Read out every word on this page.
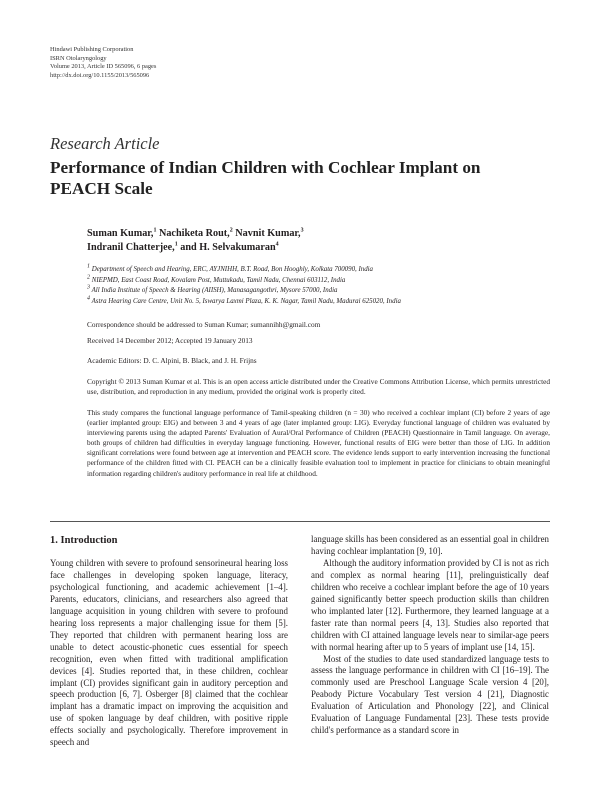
Hindawi Publishing Corporation
ISRN Otolaryngology
Volume 2013, Article ID 565096, 6 pages
http://dx.doi.org/10.1155/2013/565096
Research Article
Performance of Indian Children with Cochlear Implant on
PEACH Scale
Suman Kumar,$^1$ Nachiketa Rout,$^2$ Navnit Kumar,$^3$
Indranil Chatterjee,$^1$ and H. Selvakumaran$^4$
$^1$ Department of Speech and Hearing, ERC, AYJNIHH, B.T. Road, Bon Hooghly, Kolkata 700090, India
$^2$ NIEPMD, East Coast Road, Kovalam Post, Muttukadu, Tamil Nadu, Chennai 603112, India
$^3$ All India Institute of Speech & Hearing (AIISH), Manasagangothri, Mysore 57000, India
$^4$ Astra Hearing Care Centre, Unit No. 5, Iswarya Laxmi Plaza, K. K. Nagar, Tamil Nadu, Madurai 625020, India
Correspondence should be addressed to Suman Kumar; sumannihh@gmail.com
Received 14 December 2012; Accepted 19 January 2013
Academic Editors: D. C. Alpini, B. Black, and J. H. Frijns
Copyright © 2013 Suman Kumar et al. This is an open access article distributed under the Creative Commons Attribution License, which permits unrestricted use, distribution, and reproduction in any medium, provided the original work is properly cited.
This study compares the functional language performance of Tamil-speaking children (n = 30) who received a cochlear implant (CI) before 2 years of age (earlier implanted group: EIG) and between 3 and 4 years of age (later implanted group: LIG). Everyday functional language of children was evaluated by interviewing parents using the adapted Parents' Evaluation of Aural/Oral Performance of Children (PEACH) Questionnaire in Tamil language. On average, both groups of children had difficulties in everyday language functioning. However, functional results of EIG were better than those of LIG. In addition significant correlations were found between age at intervention and PEACH score. The evidence lends support to early intervention increasing the functional performance of the children fitted with CI. PEACH can be a clinically feasible evaluation tool to implement in practice for clinicians to obtain meaningful information regarding children's auditory performance in real life at childhood.
1. Introduction

Young children with severe to profound sensorineural hearing loss face challenges in developing spoken language, literacy, psychological functioning, and academic achievement [1–4]. Parents, educators, clinicians, and researchers also agreed that language acquisition in young children with severe to profound hearing loss represents a major challenging issue for them [5]. They reported that children with permanent hearing loss are unable to detect acoustic-phonetic cues essential for speech recognition, even when fitted with traditional amplification devices [4]. Studies reported that, in these children, cochlear implant (CI) provides significant gain in auditory perception and speech production [6, 7]. Osberger [8] claimed that the cochlear implant has a dramatic impact on improving the acquisition and use of spoken language by deaf children, with positive ripple effects socially and psychologically. Therefore improvement in speech and

language skills has been considered as an essential goal in children having cochlear implantation [9, 10].

Although the auditory information provided by CI is not as rich and complex as normal hearing [11], prelinguistically deaf children who receive a cochlear implant before the age of 10 years gained significantly better speech production skills than children who implanted later [12]. Furthermore, they learned language at a faster rate than normal peers [4, 13]. Studies also reported that children with CI attained language levels near to similar-age peers with normal hearing after up to 5 years of implant use [14, 15].

Most of the studies to date used standardized language tests to assess the language performance in children with CI [16–19]. The commonly used are Preschool Language Scale version 4 [20], Peabody Picture Vocabulary Test version 4 [21], Diagnostic Evaluation of Articulation and Phonology [22], and Clinical Evaluation of Language Fundamental [23]. These tests provide child's performance as a standard score in
